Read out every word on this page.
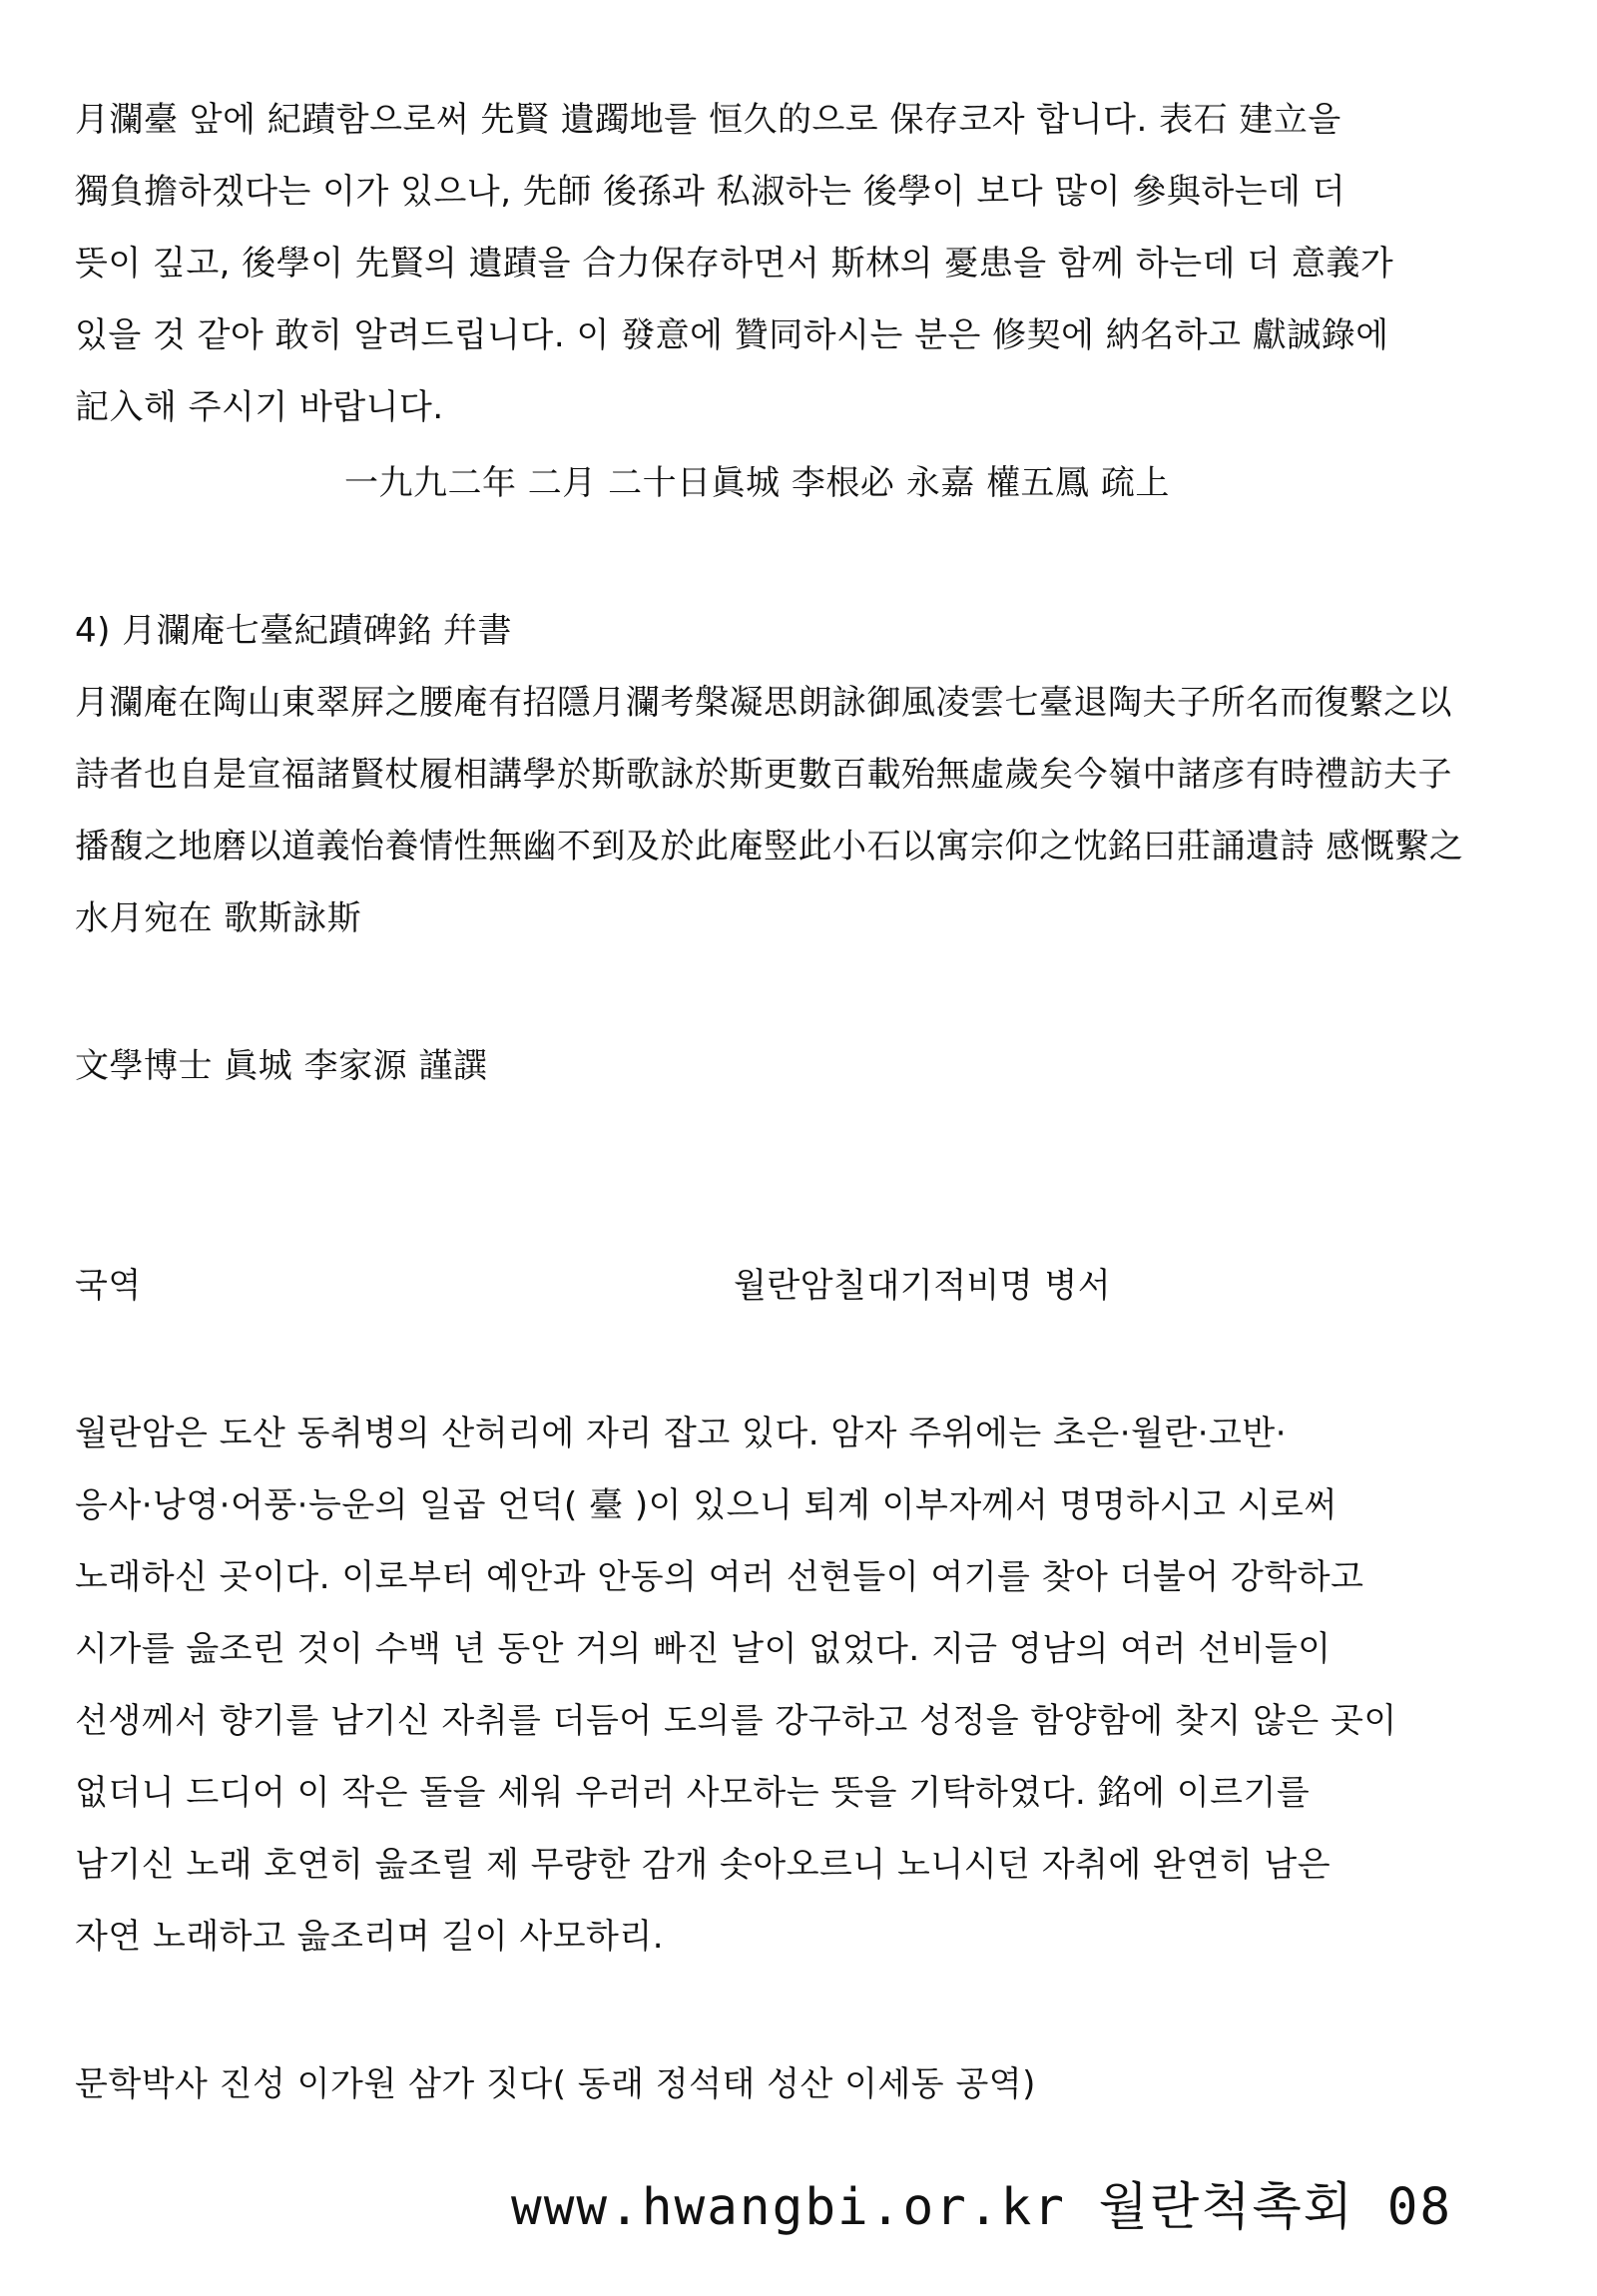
月瀾臺 앞에 紀蹟함으로써 先賢 遺躅地를 恒久的으로 保存코자 합니다. 表石 建立을
獨負擔하겠다는 이가 있으나, 先師 後孫과 私淑하는 後學이 보다 많이 參與하는데 더
뜻이 깊고, 後學이 先賢의 遺蹟을 合力保存하면서 斯林의 憂患을 함께 하는데 더 意義가
있을 것 같아 敢히 알려드립니다. 이 發意에 贊同하시는 분은 修契에 納名하고 獻誠錄에
記入해 주시기 바랍니다.
一九九二年 二月 二十日眞城 李根必 永嘉 權五鳳 疏上
4) 月瀾庵七臺紀蹟碑銘 幷書
月瀾庵在陶山東翠屛之腰庵有招隱月瀾考槃凝思朗詠御風凌雲七臺退陶夫子所名而復繫之以
詩者也自是宣福諸賢杖履相講學於斯歌詠於斯更數百載殆無虛歲矣今嶺中諸彦有時禮訪夫子
播馥之地磨以道義怡養情性無幽不到及於此庵竪此小石以寓宗仰之忱銘曰莊誦遺詩 感慨繫之
水月宛在 歌斯詠斯
文學博士 眞城 李家源 謹譔
국역	월란암칠대기적비명 병서
월란암은 도산 동취병의 산허리에 자리 잡고 있다. 암자 주위에는 초은·월란·고반·
응사·낭영·어풍·능운의 일곱 언덕( 臺 )이 있으니 퇴계 이부자께서 명명하시고 시로써
노래하신 곳이다. 이로부터 예안과 안동의 여러 선현들이 여기를 찾아 더불어 강학하고
시가를 읊조린 것이 수백 년 동안 거의 빠진 날이 없었다. 지금 영남의 여러 선비들이
선생께서 향기를 남기신 자취를 더듬어 도의를 강구하고 성정을 함양함에 찾지 않은 곳이
없더니 드디어 이 작은 돌을 세워 우러러 사모하는 뜻을 기탁하였다. 銘에 이르기를
남기신 노래 호연히 읊조릴 제 무량한 감개 솟아오르니 노니시던 자취에 완연히 남은
자연 노래하고 읊조리며 길이 사모하리.
문학박사 진성 이가원 삼가 짓다( 동래 정석태 성산 이세동 공역)
www.hwangbi.or.kr 월란척촉회 08
